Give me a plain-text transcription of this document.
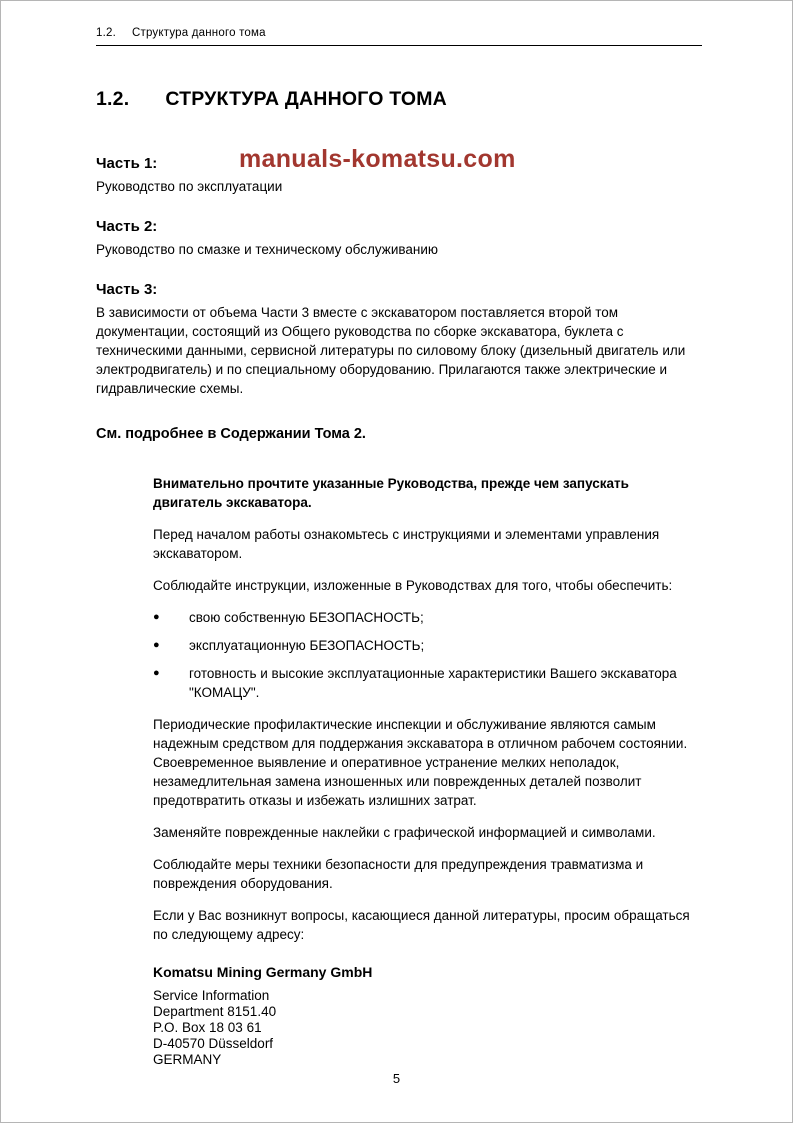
1.2. Структура данного тома
1.2. СТРУКТУРА ДАННОГО ТОМА
Часть 1:
Руководство по эксплуатации
Часть 2:
Руководство по смазке и техническому обслуживанию
Часть 3:
В зависимости от объема Части 3 вместе с экскаватором поставляется второй том документации, состоящий из Общего руководства по сборке экскаватора, буклета с техническими данными, сервисной литературы по силовому блоку (дизельный двигатель или электродвигатель) и по специальному оборудованию. Прилагаются также электрические и гидравлические схемы.
См. подробнее в Содержании Тома 2.

Внимательно прочтите указанные Руководства, прежде чем запускать двигатель экскаватора.

Перед началом работы ознакомьтесь с инструкциями и элементами управления экскаватором.

Соблюдайте инструкции, изложенные в Руководствах для того, чтобы обеспечить:

●	свою собственную БЕЗОПАСНОСТЬ;
●	эксплуатационную БЕЗОПАСНОСТЬ;
●	готовность и высокие эксплуатационные характеристики Вашего экскаватора "КОМАЦУ".

Периодические профилактические инспекции и обслуживание являются самым надежным средством для поддержания экскаватора в отличном рабочем состоянии. Своевременное выявление и оперативное устранение мелких неполадок, незамедлительная замена изношенных или поврежденных деталей позволит предотвратить отказы и избежать излишних затрат.

Заменяйте поврежденные наклейки с графической информацией и символами.

Соблюдайте меры техники безопасности для предупреждения травматизма и повреждения оборудования.

Если у Вас возникнут вопросы, касающиеся данной литературы, просим обращаться по следующему адресу:

Komatsu Mining Germany GmbH
Service Information
Department 8151.40
P.O. Box 18 03 61
D-40570 Düsseldorf
GERMANY
manuals-komatsu.com
5
